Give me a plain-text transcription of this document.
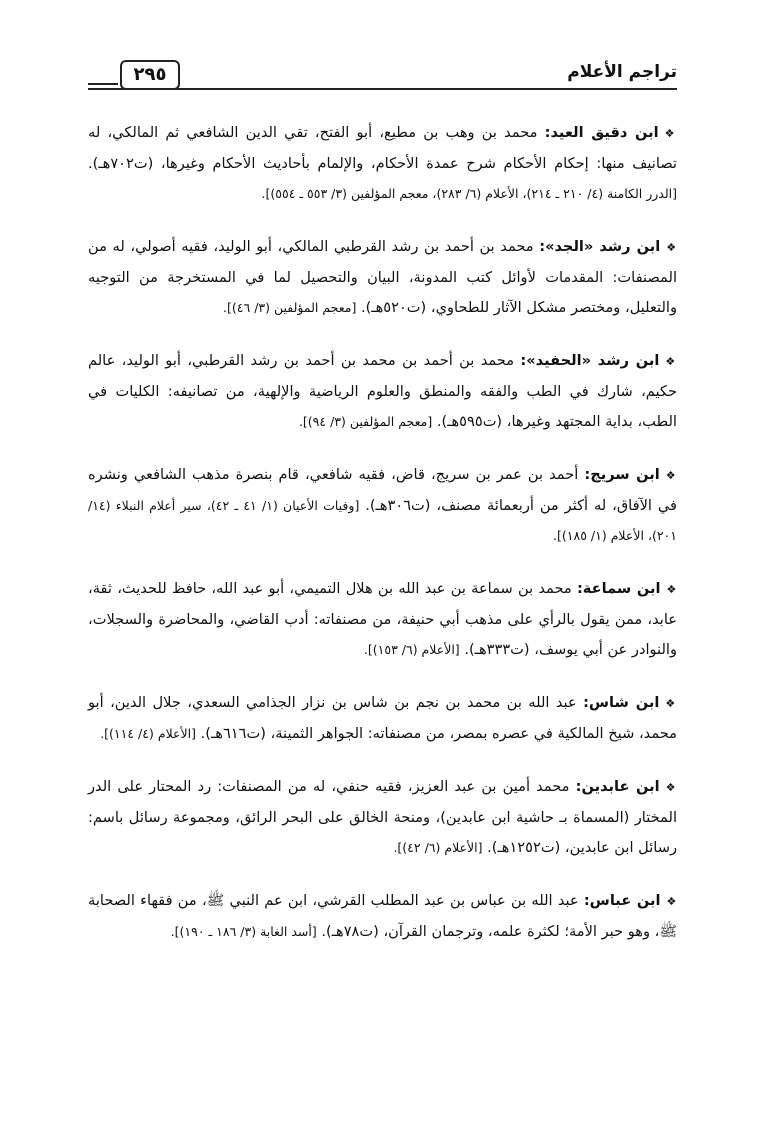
٢٩٥	تراجم الأعلام

❖ابن دقيق العيد: محمد بن وهب بن مطيع، أبو الفتح، تقي الدين الشافعي ثم المالكي، له تصانيف منها: إحكام الأحكام شرح عمدة الأحكام، والإلمام بأحاديث الأحكام وغيرها، (ت٧٠٢هـ). [الدرر الكامنة (٤/ ٢١٠ ـ ٢١٤)، الأعلام (٦/ ٢٨٣)، معجم المؤلفين (٣/ ٥٥٣ ـ ٥٥٤)].

❖ابن رشد «الجد»: محمد بن أحمد بن رشد القرطبي المالكي، أبو الوليد، فقيه أصولي، له من المصنفات: المقدمات لأوائل كتب المدونة، البيان والتحصيل لما في المستخرجة من التوجيه والتعليل، ومختصر مشكل الآثار للطحاوي، (ت٥٢٠هـ). [معجم المؤلفين (٣/ ٤٦)].

❖ابن رشد «الحفيد»: محمد بن أحمد بن محمد بن أحمد بن رشد القرطبي، أبو الوليد، عالم حكيم، شارك في الطب والفقه والمنطق والعلوم الرياضية والإلهية، من تصانيفه: الكليات في الطب، بداية المجتهد وغيرها، (ت٥٩٥هـ). [معجم المؤلفين (٣/ ٩٤)].

❖ابن سريج: أحمد بن عمر بن سريج، قاض، فقيه شافعي، قام بنصرة مذهب الشافعي ونشره في الآفاق، له أكثر من أربعمائة مصنف، (ت٣٠٦هـ). [وفيات الأعيان (١/ ٤١ ـ ٤٢)، سير أعلام النبلاء (١٤/ ٢٠١)، الأعلام (١/ ١٨٥)].

❖ابن سماعة: محمد بن سماعة بن عبد الله بن هلال التميمي، أبو عبد الله، حافظ للحديث، ثقة، عابد، ممن يقول بالرأي على مذهب أبي حنيفة، من مصنفاته: أدب القاضي، والمحاضرة والسجلات، والنوادر عن أبي يوسف، (ت٣٣٣هـ). [الأعلام (٦/ ١٥٣)].

❖ابن شاس: عبد الله بن محمد بن نجم بن شاس بن نزار الجذامي السعدي، جلال الدين، أبو محمد، شيخ المالكية في عصره بمصر، من مصنفاته: الجواهر الثمينة، (ت٦١٦هـ). [الأعلام (٤/ ١١٤)].

❖ابن عابدين: محمد أمين بن عبد العزيز، فقيه حنفي، له من المصنفات: رد المحتار على الدر المختار (المسماة بـ حاشية ابن عابدين)، ومنحة الخالق على البحر الرائق، ومجموعة رسائل باسم: رسائل ابن عابدين، (ت١٢٥٢هـ). [الأعلام (٦/ ٤٢)].

❖ابن عباس: عبد الله بن عباس بن عبد المطلب القرشي، ابن عم النبي ﷺ، من فقهاء الصحابة ﷺ، وهو حبر الأمة؛ لكثرة علمه، وترجمان القرآن، (ت٧٨هـ). [أسد الغابة (٣/ ١٨٦ ـ ١٩٠)].
